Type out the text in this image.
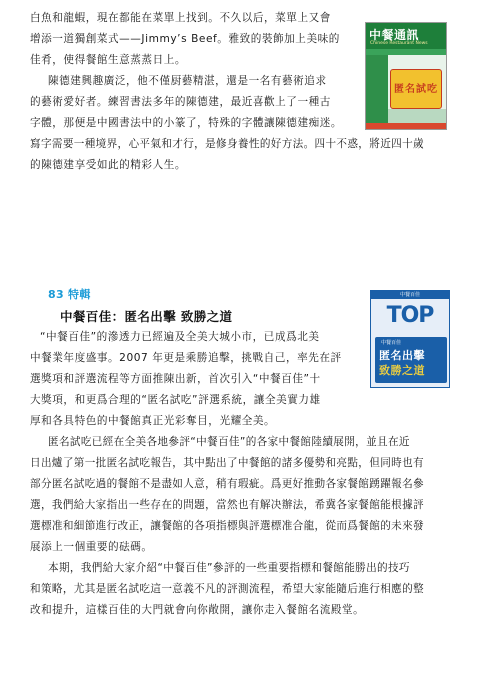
白魚和龍蝦，現在都能在菜單上找到。不久以后，菜單上又會
增添一道獨創菜式——Jimmy’s Beef。雅致的裝飾加上美味的
佳肴，使得餐館生意蒸蒸日上。
陳德建興趣廣泛，他不僅厨藝精湛，還是一名有藝術追求
的藝術愛好者。練習書法多年的陳德建，最近喜歡上了一種古
字體，那便是中國書法中的小篆了，特殊的字體讓陳德建痴迷。
寫字需要一種境界，心平氣和才行，是修身養性的好方法。四十不惑，將近四十歲
的陳德建享受如此的精彩人生。
中餐通訊
Chinese Restaurant News
匿名試吃
83 特輯
中餐百佳：匿名出擊 致勝之道
中餐百佳
TOP
中餐百佳
匿名出擊
致勝之道
“中餐百佳”的滲透力已經遍及全美大城小市，已成爲北美
中餐業年度盛事。2007 年更是乘勝追擊，挑戰自己，率先在評
選獎項和評選流程等方面推陳出新，首次引入“中餐百佳”十
大獎項，和更爲合理的“匿名試吃”評選系統，讓全美實力雄
厚和各具特色的中餐館真正光彩奪目，光耀全美。
匿名試吃已經在全美各地參評“中餐百佳”的各家中餐館陸續展開，並且在近
日出爐了第一批匿名試吃報告，其中點出了中餐館的諸多優勢和亮點，但同時也有
部分匿名試吃過的餐館不是盡如人意，稍有瑕疵。爲更好推動各家餐館踴躍報名參
選，我們給大家指出一些存在的問題，當然也有解决辦法，希冀各家餐館能根據評
選標准和細節進行改正，讓餐館的各項指標與評選標准合龍，從而爲餐館的未來發
展添上一個重要的砝碼。
本期，我們給大家介紹“中餐百佳”參評的一些重要指標和餐館能勝出的技巧
和策略，尤其是匿名試吃這一意義不凡的評測流程，希望大家能隨后進行相應的整
改和提升，這樣百佳的大門就會向你敞開，讓你走入餐館名流殿堂。
